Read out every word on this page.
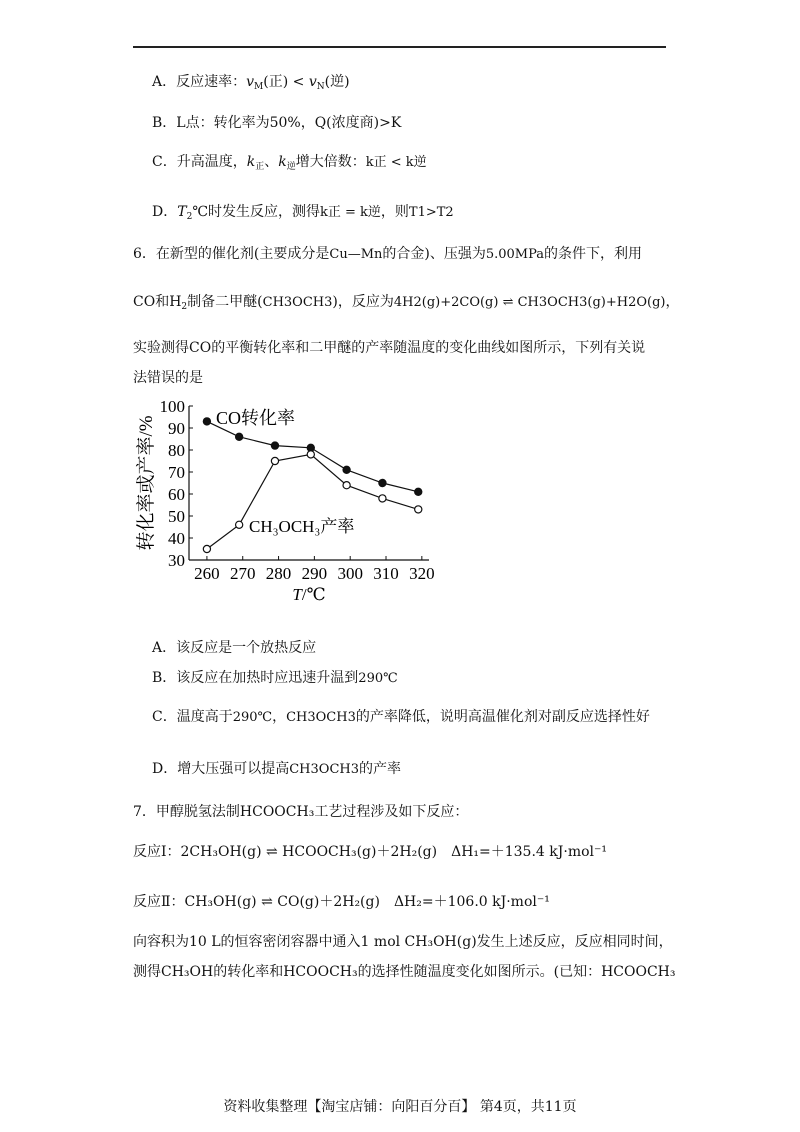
A．反应速率：$v_M$(正) < $v_N$(逆)
B．L点：转化率为50%，Q(浓度商)>K
C．升高温度，$k_正$、$k_逆$增大倍数：k正 < k逆
D．$T_2℃$时发生反应，测得k正 = k逆，则T1>T2
6．在新型的催化剂(主要成分是Cu—Mn的合金)、压强为5.00MPa的条件下，利用
CO和$H_2$制备二甲醚(CH3OCH3)，反应为4H2(g)+2CO(g) ⇌ CH3OCH3(g)+H2O(g)，
实验测得CO的平衡转化率和二甲醚的产率随温度的变化曲线如图所示，下列有关说
法错误的是
30
40
50
60
70
80
90
100
260 270 280 290 300 310 320
T/℃
转化率或产率/%	CO转化率
CH₃OCH₃产率
A．该反应是一个放热反应
B．该反应在加热时应迅速升温到290℃
C．温度高于290℃，CH3OCH3的产率降低，说明高温催化剂对副反应选择性好
D．增大压强可以提高CH3OCH3的产率
7．甲醇脱氢法制HCOOCH₃工艺过程涉及如下反应：
反应Ⅰ：2CH₃OH(g) ⇌ HCOOCH₃(g)＋2H₂(g)　ΔH₁=＋135.4 kJ·mol⁻¹
反应Ⅱ：CH₃OH(g) ⇌ CO(g)＋2H₂(g)　ΔH₂=＋106.0 kJ·mol⁻¹
向容积为10 L的恒容密闭容器中通入1 mol CH₃OH(g)发生上述反应，反应相同时间，
测得CH₃OH的转化率和HCOOCH₃的选择性随温度变化如图所示。(已知：HCOOCH₃
资料收集整理【淘宝店铺：向阳百分百】 第4页，共11页
